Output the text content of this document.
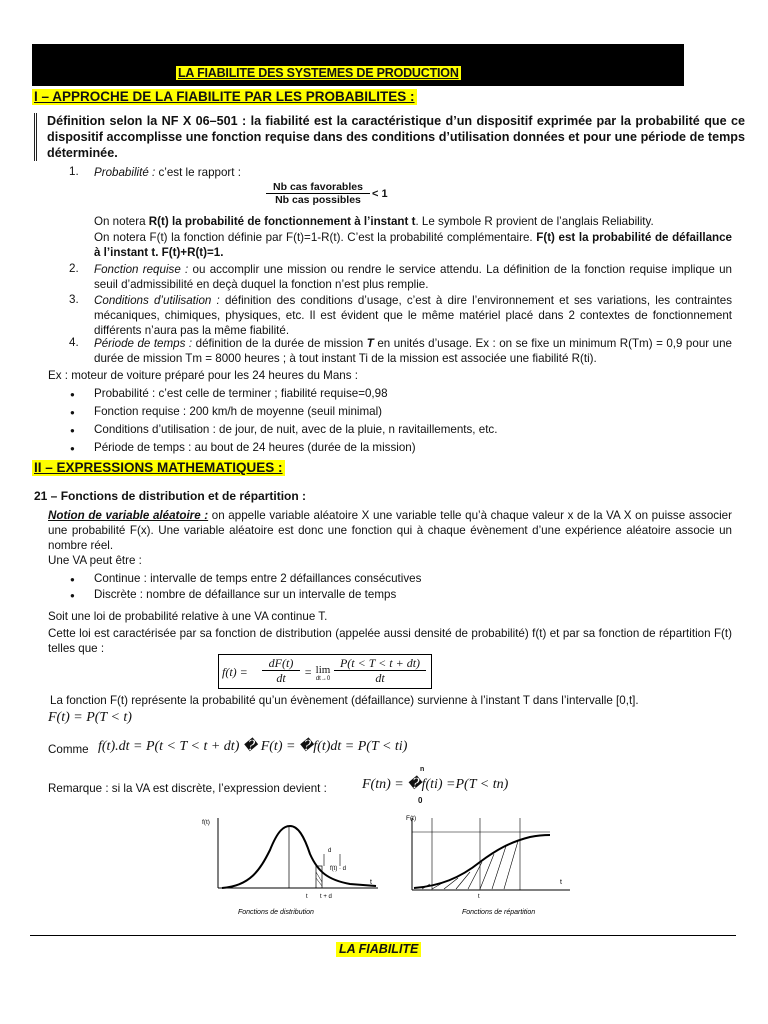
LA FIABILITE DES SYSTEMES DE PRODUCTION
I – APPROCHE DE LA FIABILITE PAR LES PROBABILITES :
Définition selon la NF X 06–501 : la fiabilité est la caractéristique d’un dispositif exprimée par la probabilité que ce dispositif accomplisse une fonction requise dans des conditions d’utilisation données et pour une période de temps déterminée.
1. Probabilité : c’est le rapport :
Nb cas favorables
Nb cas possibles	< 1
On notera R(t) la probabilité de fonctionnement à l’instant t. Le symbole R provient de l’anglais Reliability.
On notera F(t) la fonction définie par F(t)=1-R(t). C’est la probabilité complémentaire. F(t) est la probabilité de défaillance à l’instant t. F(t)+R(t)=1.
2. Fonction requise : ou accomplir une mission ou rendre le service attendu. La définition de la fonction requise implique un seuil d’admissibilité en deçà duquel la fonction n’est plus remplie.
3. Conditions d’utilisation : définition des conditions d’usage, c’est à dire l’environnement et ses variations, les contraintes mécaniques, chimiques, physiques, etc. Il est évident que le même matériel placé dans 2 contextes de fonctionnement différents n’aura pas la même fiabilité.
4. Période de temps : définition de la durée de mission T en unités d’usage. Ex : on se fixe un minimum R(Tm) = 0,9 pour une durée de mission Tm = 8000 heures ; à tout instant Ti de la mission est associée une fiabilité R(ti).
Ex : moteur de voiture préparé pour les 24 heures du Mans :
● Probabilité : c’est celle de terminer ; fiabilité requise=0,98
● Fonction requise : 200 km/h de moyenne (seuil minimal)
● Conditions d’utilisation : de jour, de nuit, avec de la pluie, n ravitaillements, etc.
● Période de temps : au bout de 24 heures (durée de la mission)
II – EXPRESSIONS MATHEMATIQUES :
21 – Fonctions de distribution et de répartition :
Notion de variable aléatoire : on appelle variable aléatoire X une variable telle qu’à chaque valeur x de la VA X on puisse associer une probabilité F(x). Une variable aléatoire est donc une fonction qui à chaque évènement d’une expérience aléatoire associe un nombre réel.
Une VA peut être :
● Continue : intervalle de temps entre 2 défaillances consécutives
● Discrète : nombre de défaillance sur un intervalle de temps
Soit une loi de probabilité relative à une VA continue T.
Cette loi est caractérisée par sa fonction de distribution (appelée aussi densité de probabilité) f(t) et par sa fonction de répartition F(t) telles que :
f(t) =
dF(t)
dt	= lim
dt→0
P(t < T < t + dt)
dt
La fonction F(t) représente la probabilité qu’un évènement (défaillance) survienne à l’instant T dans l’intervalle [0,t].
F(t) = P(T < t)
Comme f(t).dt = P(t < T < t + dt) � F(t) = �f(t)dt = P(T < ti)
Remarque : si la VA est discrète, l’expression devient :	F(tn) = �f(ti) =P(T < tn)
n
0
f(t)
t
d
f(t) · d
t t + d
Fonctions de distribution
F(t)
t
t
Fonctions de répartition
LA FIABILITE
